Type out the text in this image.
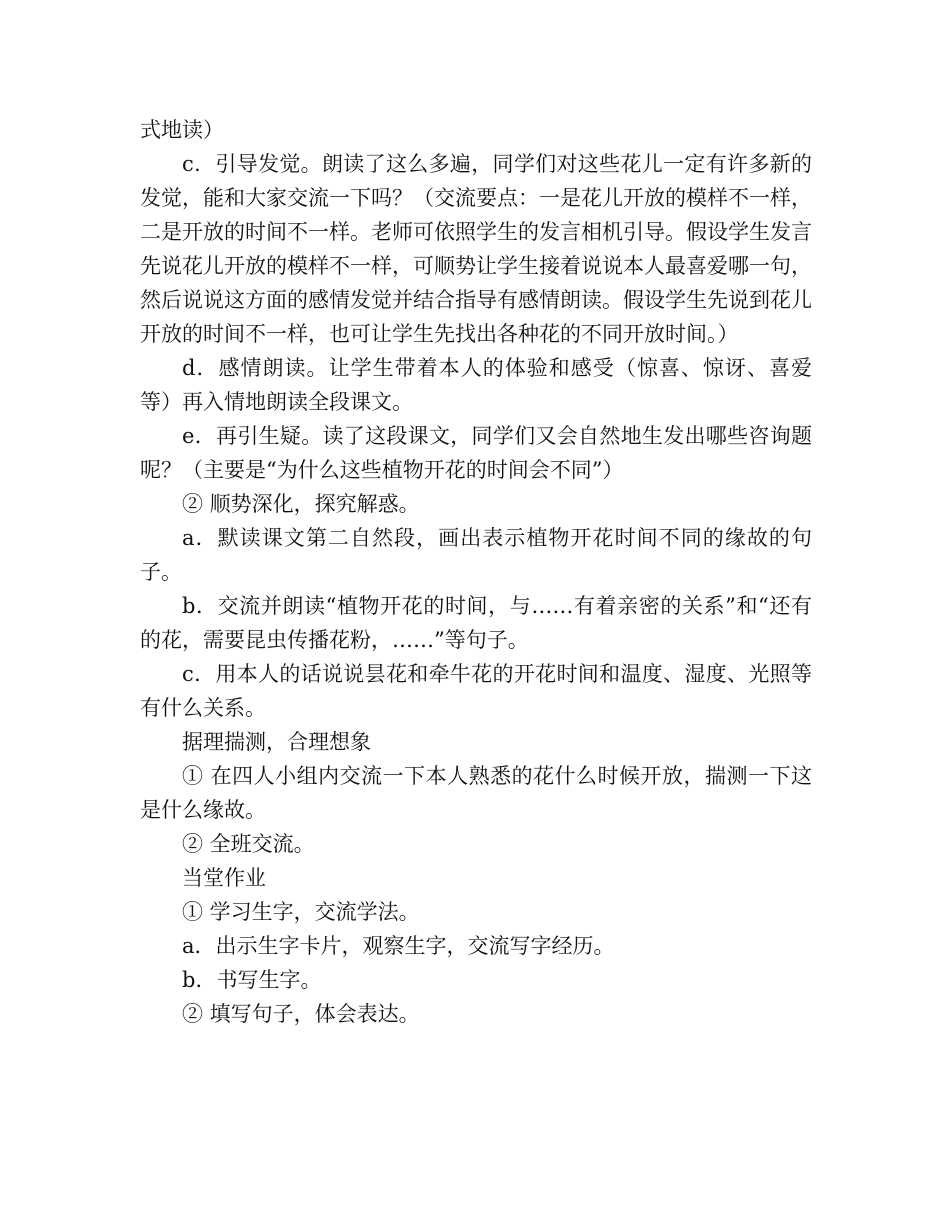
式地读）

c．引导发觉。朗读了这么多遍，同学们对这些花儿一定有许多新的发觉，能和大家交流一下吗？（交流要点：一是花儿开放的模样不一样，二是开放的时间不一样。老师可依照学生的发言相机引导。假设学生发言先说花儿开放的模样不一样，可顺势让学生接着说说本人最喜爱哪一句，然后说说这方面的感情发觉并结合指导有感情朗读。假设学生先说到花儿开放的时间不一样，也可让学生先找出各种花的不同开放时间。）

d．感情朗读。让学生带着本人的体验和感受（惊喜、惊讶、喜爱等）再入情地朗读全段课文。

e．再引生疑。读了这段课文，同学们又会自然地生发出哪些咨询题呢？（主要是“为什么这些植物开花的时间会不同”）

② 顺势深化，探究解惑。

a．默读课文第二自然段，画出表示植物开花时间不同的缘故的句子。

b．交流并朗读“植物开花的时间，与……有着亲密的关系”和“还有的花，需要昆虫传播花粉，……”等句子。

c．用本人的话说说昙花和牵牛花的开花时间和温度、湿度、光照等有什么关系。

据理揣测，合理想象

① 在四人小组内交流一下本人熟悉的花什么时候开放，揣测一下这是什么缘故。

② 全班交流。

当堂作业

① 学习生字，交流学法。

a．出示生字卡片，观察生字，交流写字经历。

b．书写生字。

② 填写句子，体会表达。
